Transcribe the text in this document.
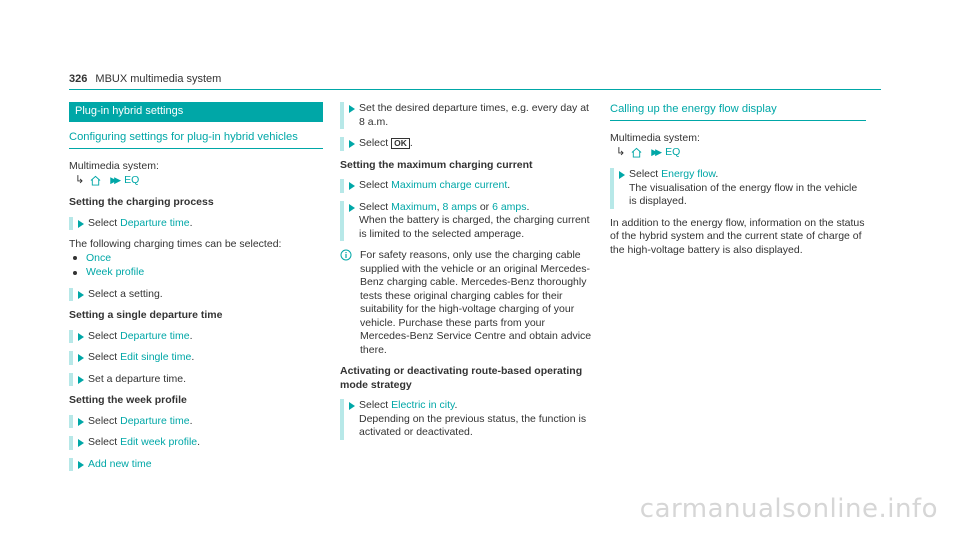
326 MBUX multimedia system
Plug-in hybrid settings
Configuring settings for plug-in hybrid vehicles

Multimedia system:

↳	▶▶ EQ
Setting the charging process
Select Departure time.

The following charging times can be selected:

Once
Week profile
Select a setting.
Setting a single departure time
Select Departure time.
Select Edit single time.
Set a departure time.
Setting the week profile
Select Departure time.
Select Edit week profile.
Add new time
Set the desired departure times, e.g. every day at 8 a.m.
Select OK .
Setting the maximum charging current
Select Maximum charge current.
Select Maximum, 8 amps or 6 amps.
When the battery is charged, the charging current is limited to the selected amperage.
For safety reasons, only use the charging cable supplied with the vehicle or an original Mercedes-Benz charging cable. Mercedes-Benz thoroughly tests these original charging cables for their suitability for the high-voltage charging of your vehicle. Purchase these parts from your Mercedes-Benz Service Centre and obtain advice there.
Activating or deactivating route-based operating mode strategy
Select Electric in city.
Depending on the previous status, the function is activated or deactivated.
Calling up the energy flow display

Multimedia system:

↳	▶▶ EQ
Select Energy flow.
The visualisation of the energy flow in the vehicle is displayed.

In addition to the energy flow, information on the status of the hybrid system and the current state of charge of the high-voltage battery is also displayed.

carmanualsonline.info
